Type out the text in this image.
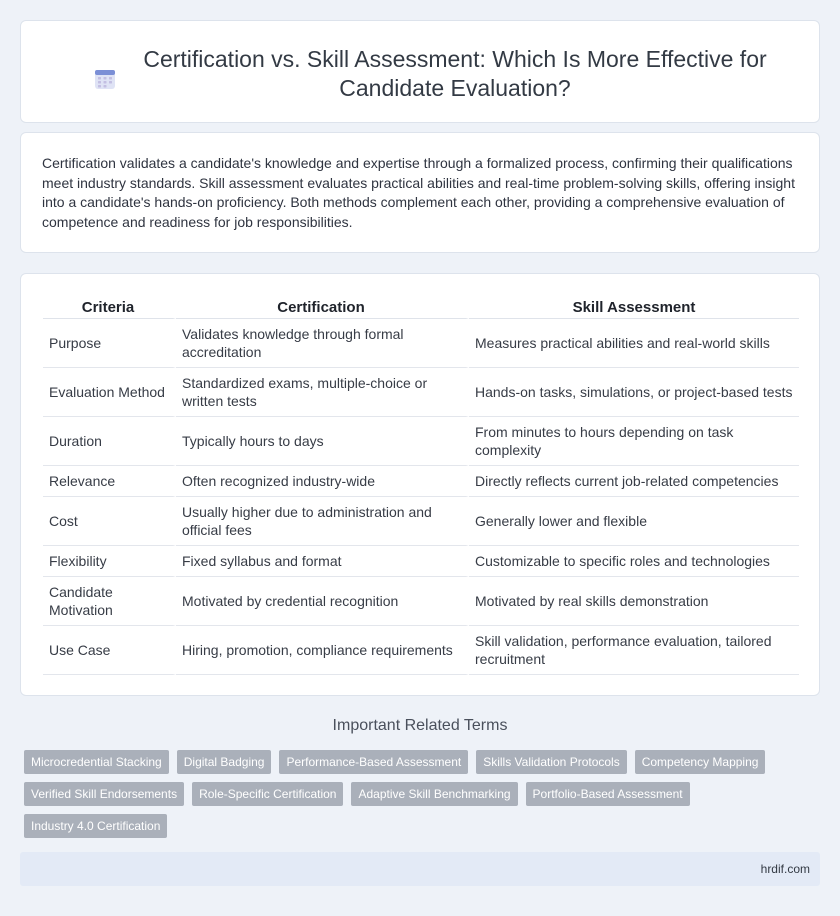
Certification vs. Skill Assessment: Which Is More Effective for Candidate Evaluation?

Certification validates a candidate's knowledge and expertise through a formalized process, confirming their qualifications meet industry standards. Skill assessment evaluates practical abilities and real-time problem-solving skills, offering insight into a candidate's hands-on proficiency. Both methods complement each other, providing a comprehensive evaluation of competence and readiness for job responsibilities.

Criteria	Certification	Skill Assessment
Purpose	Validates knowledge through formal accreditation	Measures practical abilities and real-world skills
Evaluation Method	Standardized exams, multiple-choice or written tests	Hands-on tasks, simulations, or project-based tests
Duration	Typically hours to days	From minutes to hours depending on task complexity
Relevance	Often recognized industry-wide	Directly reflects current job-related competencies
Cost	Usually higher due to administration and official fees	Generally lower and flexible
Flexibility	Fixed syllabus and format	Customizable to specific roles and technologies
Candidate Motivation	Motivated by credential recognition	Motivated by real skills demonstration
Use Case	Hiring, promotion, compliance requirements	Skill validation, performance evaluation, tailored recruitment
Important Related Terms
Microcredential Stacking	Digital Badging	Performance-Based Assessment	Skills Validation Protocols	Competency Mapping
Verified Skill Endorsements	Role-Specific Certification	Adaptive Skill Benchmarking	Portfolio-Based Assessment
Industry 4.0 Certification
hrdif.com
